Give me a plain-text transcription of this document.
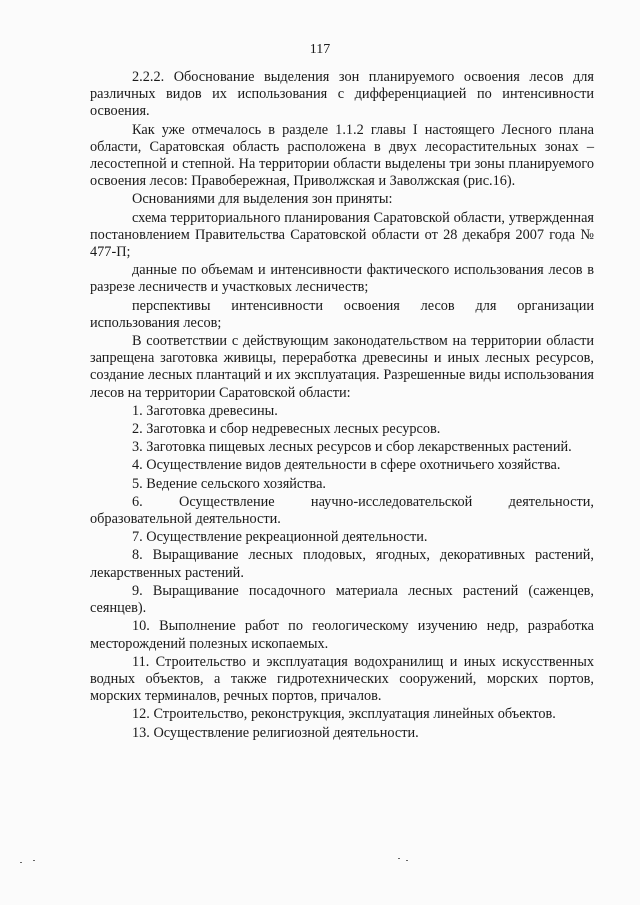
117

2.2.2. Обоснование выделения зон планируемого освоения лесов для различных видов их использования с дифференциацией по интенсивности освоения.

Как уже отмечалось в разделе 1.1.2 главы I настоящего Лесного плана области, Саратовская область расположена в двух лесорастительных зонах – лесостепной и степной. На территории области выделены три зоны планируемого освоения лесов: Правобережная, Приволжская и Заволжская (рис.16).

Основаниями для выделения зон приняты:

схема территориального планирования Саратовской области, утвержденная постановлением Правительства Саратовской области от 28 декабря 2007 года № 477-П;

данные по объемам и интенсивности фактического использования лесов в разрезе лесничеств и участковых лесничеств;

перспективы интенсивности освоения лесов для организации использования лесов;

В соответствии с действующим законодательством на территории области запрещена заготовка живицы, переработка древесины и иных лесных ресурсов, создание лесных плантаций и их эксплуатация. Разрешенные виды использования лесов на территории Саратовской области:

1. Заготовка древесины.

2. Заготовка и сбор недревесных лесных ресурсов.

3. Заготовка пищевых лесных ресурсов и сбор лекарственных растений.

4. Осуществление видов деятельности в сфере охотничьего хозяйства.

5. Ведение сельского хозяйства.

6. Осуществление научно-исследовательской деятельности, образовательной деятельности.

7. Осуществление рекреационной деятельности.

8. Выращивание лесных плодовых, ягодных, декоративных растений, лекарственных растений.

9. Выращивание посадочного материала лесных растений (саженцев, сеянцев).

10. Выполнение работ по геологическому изучению недр, разработка месторождений полезных ископаемых.

11. Строительство и эксплуатация водохранилищ и иных искусственных водных объектов, а также гидротехнических сооружений, морских портов, морских терминалов, речных портов, причалов.

12. Строительство, реконструкция, эксплуатация линейных объектов.

13. Осуществление религиозной деятельности.
